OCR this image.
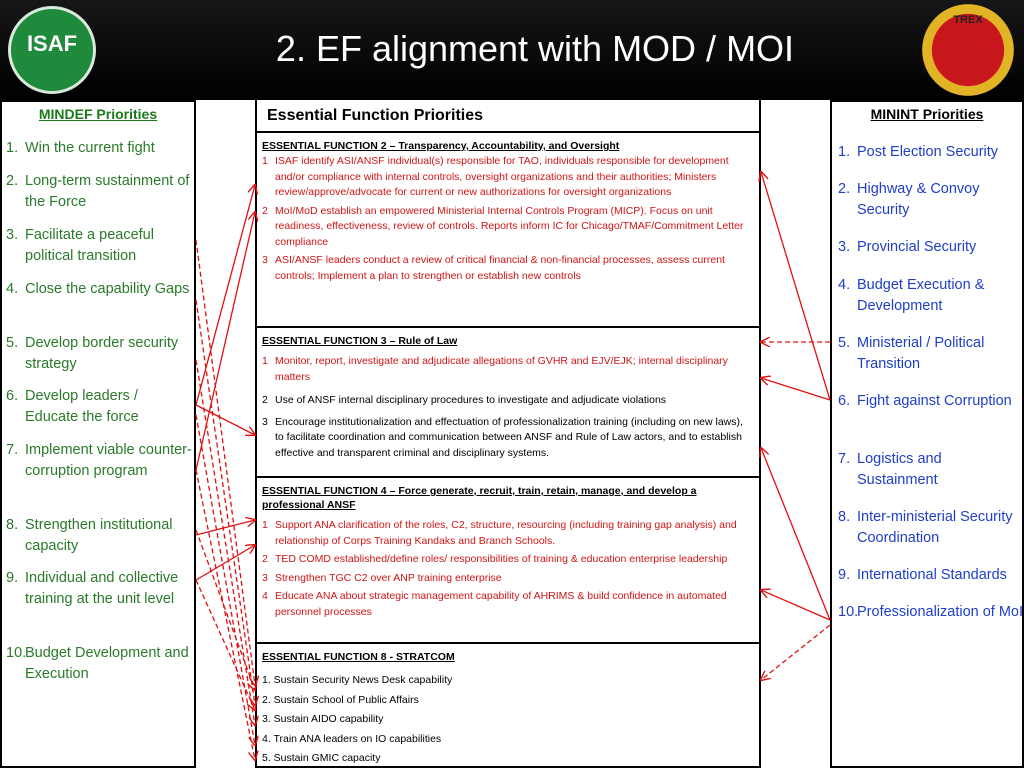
ISAF	2. EF alignment with MOD / MOI
TREX
MINDEF Priorities
1. Win the current fight
2. Long-term sustainment of the Force
3. Facilitate a peaceful political transition
4. Close the capability Gaps
5. Develop border security strategy
6. Develop leaders / Educate the force
7. Implement viable counter-corruption program
8. Strengthen institutional capacity
9. Individual and collective training at the unit level
10.
Budget Development and Execution
Essential Function Priorities
ESSENTIAL FUNCTION 2 – Transparency, Accountability, and Oversight
1 ISAF identify ASI/ANSF individual(s) responsible for TAO, individuals responsible for development and/or compliance with internal controls, oversight organizations and their authorities; Ministers review/approve/advocate for current or new authorizations for oversight organizations
2 MoI/MoD establish an empowered Ministerial Internal Controls Program (MICP). Focus on unit readiness, effectiveness, review of controls. Reports inform IC for Chicago/TMAF/Commitment Letter compliance
3 ASI/ANSF leaders conduct a review of critical financial & non-financial processes, assess current controls; Implement a plan to strengthen or establish new controls
ESSENTIAL FUNCTION 3 – Rule of Law
1 Monitor, report, investigate and adjudicate allegations of GVHR and EJV/EJK; internal disciplinary matters
2 Use of ANSF internal disciplinary procedures to investigate and adjudicate violations
3 Encourage institutionalization and effectuation of professionalization training (including on new laws), to facilitate coordination and communication between ANSF and Rule of Law actors, and to establish effective and transparent criminal and disciplinary systems.
ESSENTIAL FUNCTION 4 – Force generate, recruit, train, retain, manage, and develop a professional ANSF
1 Support ANA clarification of the roles, C2, structure, resourcing (including training gap analysis) and relationship of Corps Training Kandaks and Branch Schools.
2 TED COMD established/define roles/ responsibilities of training & education enterprise leadership
3 Strengthen TGC C2 over ANP training enterprise
4 Educate ANA about strategic management capability of AHRIMS & build confidence in automated personnel processes
ESSENTIAL FUNCTION 8 - STRATCOM
1. Sustain Security News Desk capability
2. Sustain School of Public Affairs
3. Sustain AIDO capability
4. Train ANA leaders on IO capabilities
5. Sustain GMIC capacity
MININT Priorities
1. Post Election Security
2. Highway & Convoy Security
3. Provincial Security
4. Budget Execution & Development
5. Ministerial / Political Transition
6. Fight against Corruption
7. Logistics and Sustainment
8. Inter-ministerial Security Coordination
9. International Standards
10.
Professionalization of MoI
